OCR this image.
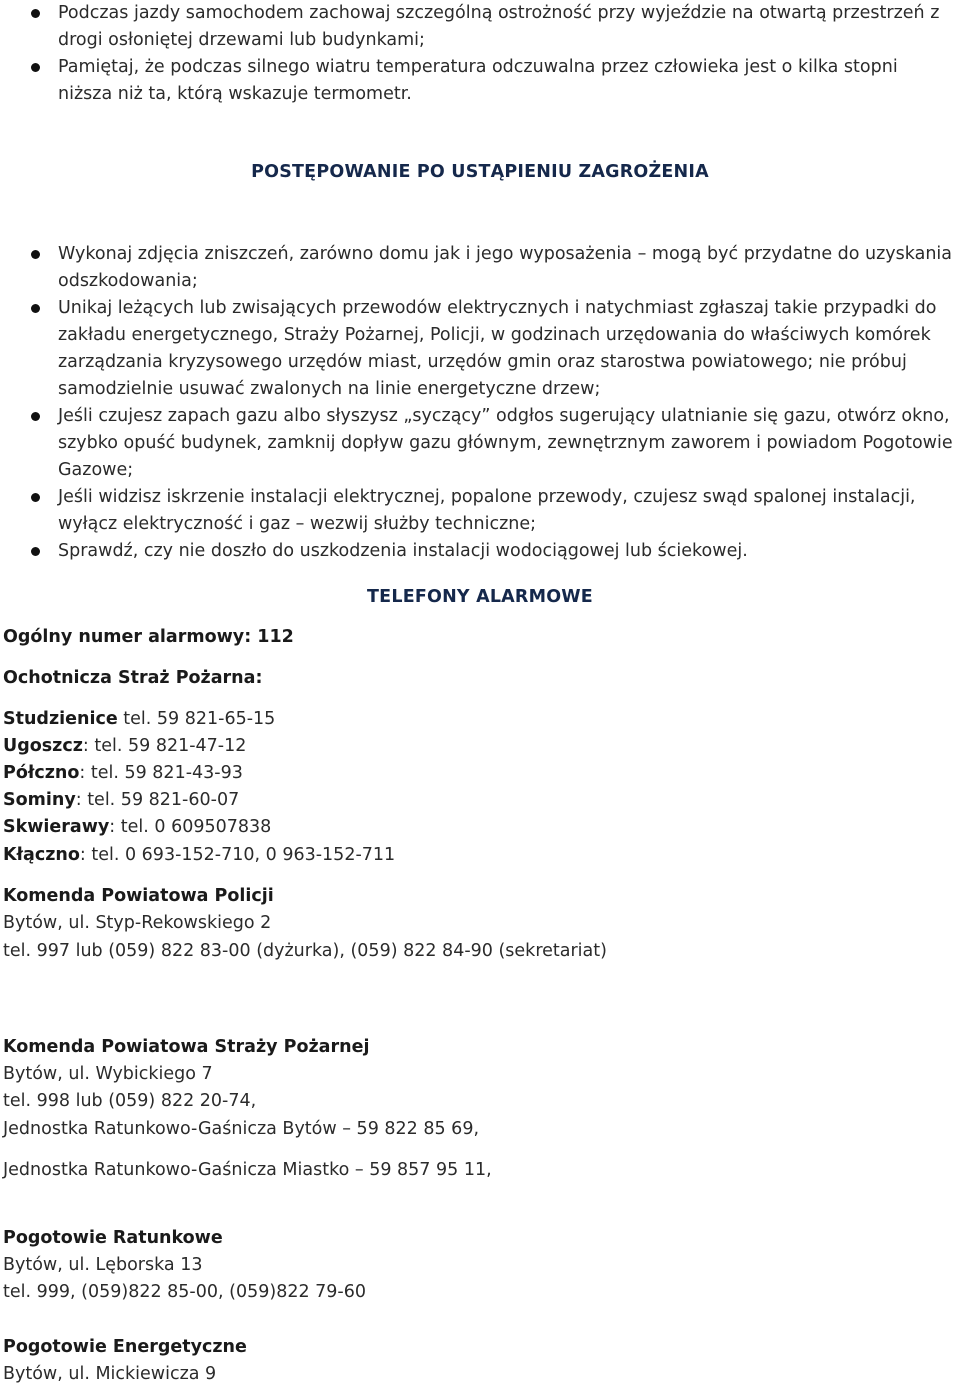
Podczas jazdy samochodem zachowaj szczególną ostrożność przy wyjeździe na otwartą przestrzeń z drogi osłoniętej drzewami lub budynkami;
Pamiętaj, że podczas silnego wiatru temperatura odczuwalna przez człowieka jest o kilka stopni niższa niż ta, którą wskazuje termometr.
POSTĘPOWANIE PO USTĄPIENIU ZAGROŻENIA
Wykonaj zdjęcia zniszczeń, zarówno domu jak i jego wyposażenia – mogą być przydatne do uzyskania odszkodowania;
Unikaj leżących lub zwisających przewodów elektrycznych i natychmiast zgłaszaj takie przypadki do zakładu energetycznego, Straży Pożarnej, Policji, w godzinach urzędowania do właściwych komórek zarządzania kryzysowego urzędów miast, urzędów gmin oraz starostwa powiatowego; nie próbuj samodzielnie usuwać zwalonych na linie energetyczne drzew;
Jeśli czujesz zapach gazu albo słyszysz „syczący” odgłos sugerujący ulatnianie się gazu, otwórz okno, szybko opuść budynek, zamknij dopływ gazu głównym, zewnętrznym zaworem i powiadom Pogotowie Gazowe;
Jeśli widzisz iskrzenie instalacji elektrycznej, popalone przewody, czujesz swąd spalonej instalacji, wyłącz elektryczność i gaz – wezwij służby techniczne;
Sprawdź, czy nie doszło do uszkodzenia instalacji wodociągowej lub ściekowej.
TELEFONY ALARMOWE
Ogólny numer alarmowy: 112
Ochotnicza Straż Pożarna:
Studzienice tel. 59 821-65-15
Ugoszcz: tel. 59 821-47-12
Półczno: tel. 59 821-43-93
Sominy: tel. 59 821-60-07
Skwierawy: tel. 0 609507838
Kłączno: tel. 0 693-152-710, 0 963-152-711
Komenda Powiatowa Policji
Bytów, ul. Styp-Rekowskiego 2
tel. 997 lub (059) 822 83-00 (dyżurka), (059) 822 84-90 (sekretariat)
Komenda Powiatowa Straży Pożarnej
Bytów, ul. Wybickiego 7
tel. 998 lub (059) 822 20-74,
Jednostka Ratunkowo-Gaśnicza Bytów – 59 822 85 69,
Jednostka Ratunkowo-Gaśnicza Miastko – 59 857 95 11,
Pogotowie Ratunkowe
Bytów, ul. Lęborska 13
tel. 999, (059)822 85-00, (059)822 79-60
Pogotowie Energetyczne
Bytów, ul. Mickiewicza 9
